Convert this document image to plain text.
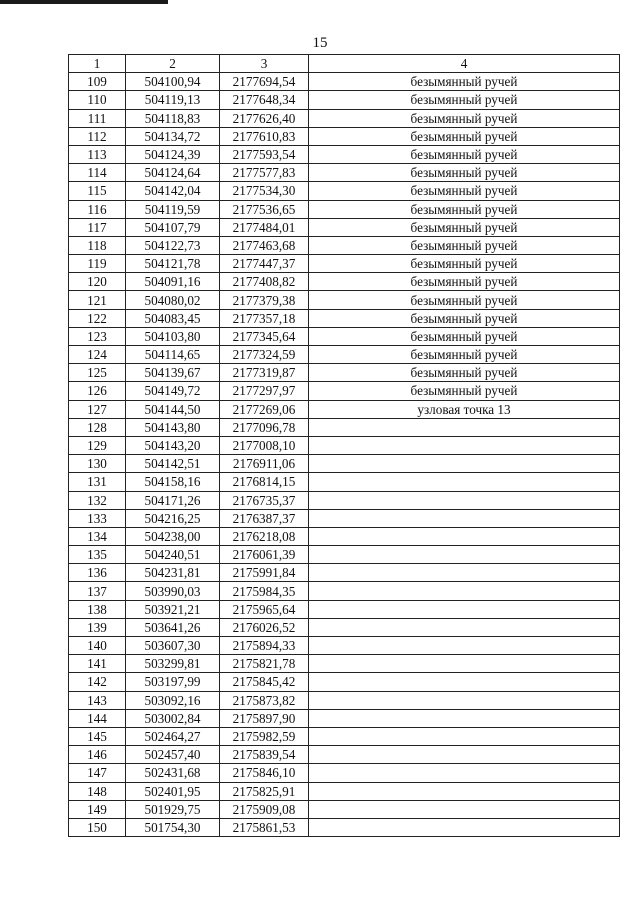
15
1	2	3	4
109	504100,94	2177694,54	безымянный ручей
110	504119,13	2177648,34	безымянный ручей
111	504118,83	2177626,40	безымянный ручей
112	504134,72	2177610,83	безымянный ручей
113	504124,39	2177593,54	безымянный ручей
114	504124,64	2177577,83	безымянный ручей
115	504142,04	2177534,30	безымянный ручей
116	504119,59	2177536,65	безымянный ручей
117	504107,79	2177484,01	безымянный ручей
118	504122,73	2177463,68	безымянный ручей
119	504121,78	2177447,37	безымянный ручей
120	504091,16	2177408,82	безымянный ручей
121	504080,02	2177379,38	безымянный ручей
122	504083,45	2177357,18	безымянный ручей
123	504103,80	2177345,64	безымянный ручей
124	504114,65	2177324,59	безымянный ручей
125	504139,67	2177319,87	безымянный ручей
126	504149,72	2177297,97	безымянный ручей
127	504144,50	2177269,06	узловая точка 13
128	504143,80	2177096,78	
129	504143,20	2177008,10	
130	504142,51	2176911,06	
131	504158,16	2176814,15	
132	504171,26	2176735,37	
133	504216,25	2176387,37	
134	504238,00	2176218,08	
135	504240,51	2176061,39	
136	504231,81	2175991,84	
137	503990,03	2175984,35	
138	503921,21	2175965,64	
139	503641,26	2176026,52	
140	503607,30	2175894,33	
141	503299,81	2175821,78	
142	503197,99	2175845,42	
143	503092,16	2175873,82	
144	503002,84	2175897,90	
145	502464,27	2175982,59	
146	502457,40	2175839,54	
147	502431,68	2175846,10	
148	502401,95	2175825,91	
149	501929,75	2175909,08	
150	501754,30	2175861,53	
